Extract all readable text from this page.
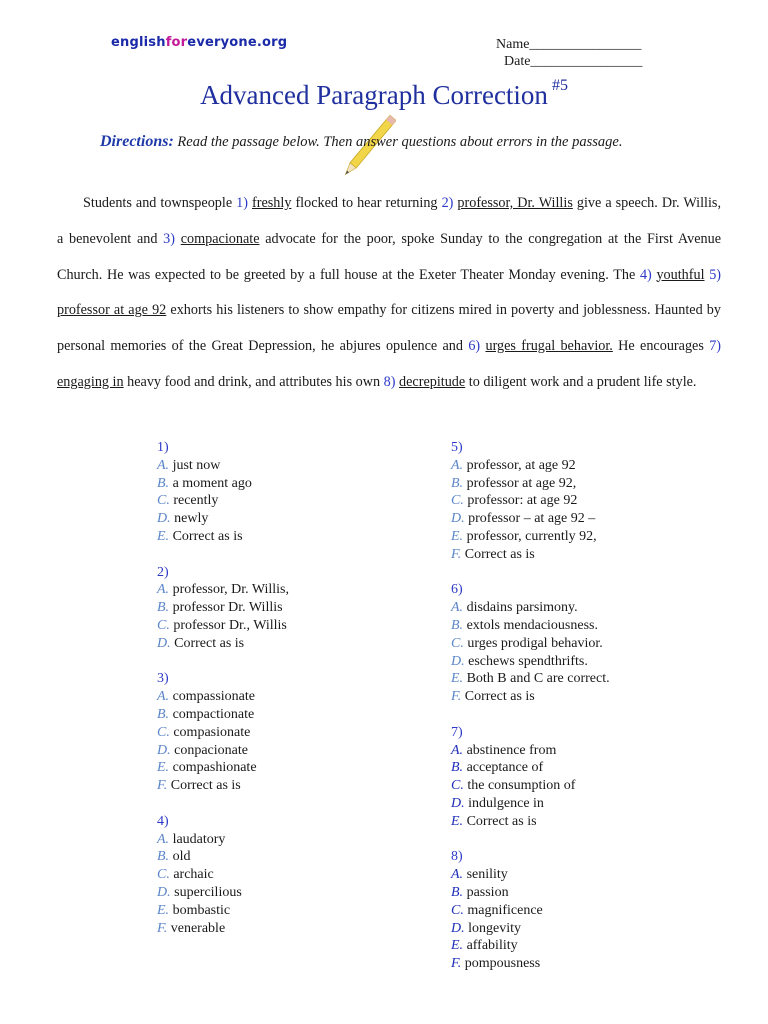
englishforeveryone.org	Name________________
Date________________
Advanced Paragraph Correction #5
Directions: Read the passage below. Then answer questions about errors in the passage.

Students and townspeople 1) freshly flocked to hear returning 2) professor, Dr. Willis give a speech. Dr. Willis, a benevolent and 3) compacionate advocate for the poor, spoke Sunday to the congregation at the First Avenue Church. He was expected to be greeted by a full house at the Exeter Theater Monday evening. The 4) youthful 5) professor at age 92 exhorts his listeners to show empathy for citizens mired in poverty and joblessness. Haunted by personal memories of the Great Depression, he abjures opulence and 6) urges frugal behavior. He encourages 7) engaging in heavy food and drink, and attributes his own 8) decrepitude to diligent work and a prudent life style.

1)
A. just now
B. a moment ago
C. recently
D. newly
E. Correct as is
2)
A. professor, Dr. Willis,
B. professor Dr. Willis
C. professor Dr., Willis
D. Correct as is
3)
A. compassionate
B. compactionate
C. compasionate
D. conpacionate
E. compashionate
F. Correct as is
4)
A. laudatory
B. old
C. archaic
D. supercilious
E. bombastic
F. venerable
5)
A. professor, at age 92
B. professor at age 92,
C. professor: at age 92
D. professor – at age 92 –
E. professor, currently 92,
F. Correct as is
6)
A. disdains parsimony.
B. extols mendaciousness.
C. urges prodigal behavior.
D. eschews spendthrifts.
E. Both B and C are correct.
F. Correct as is
7)
A. abstinence from
B. acceptance of
C. the consumption of
D. indulgence in
E. Correct as is
8)
A. senility
B. passion
C. magnificence
D. longevity
E. affability
F. pompousness
